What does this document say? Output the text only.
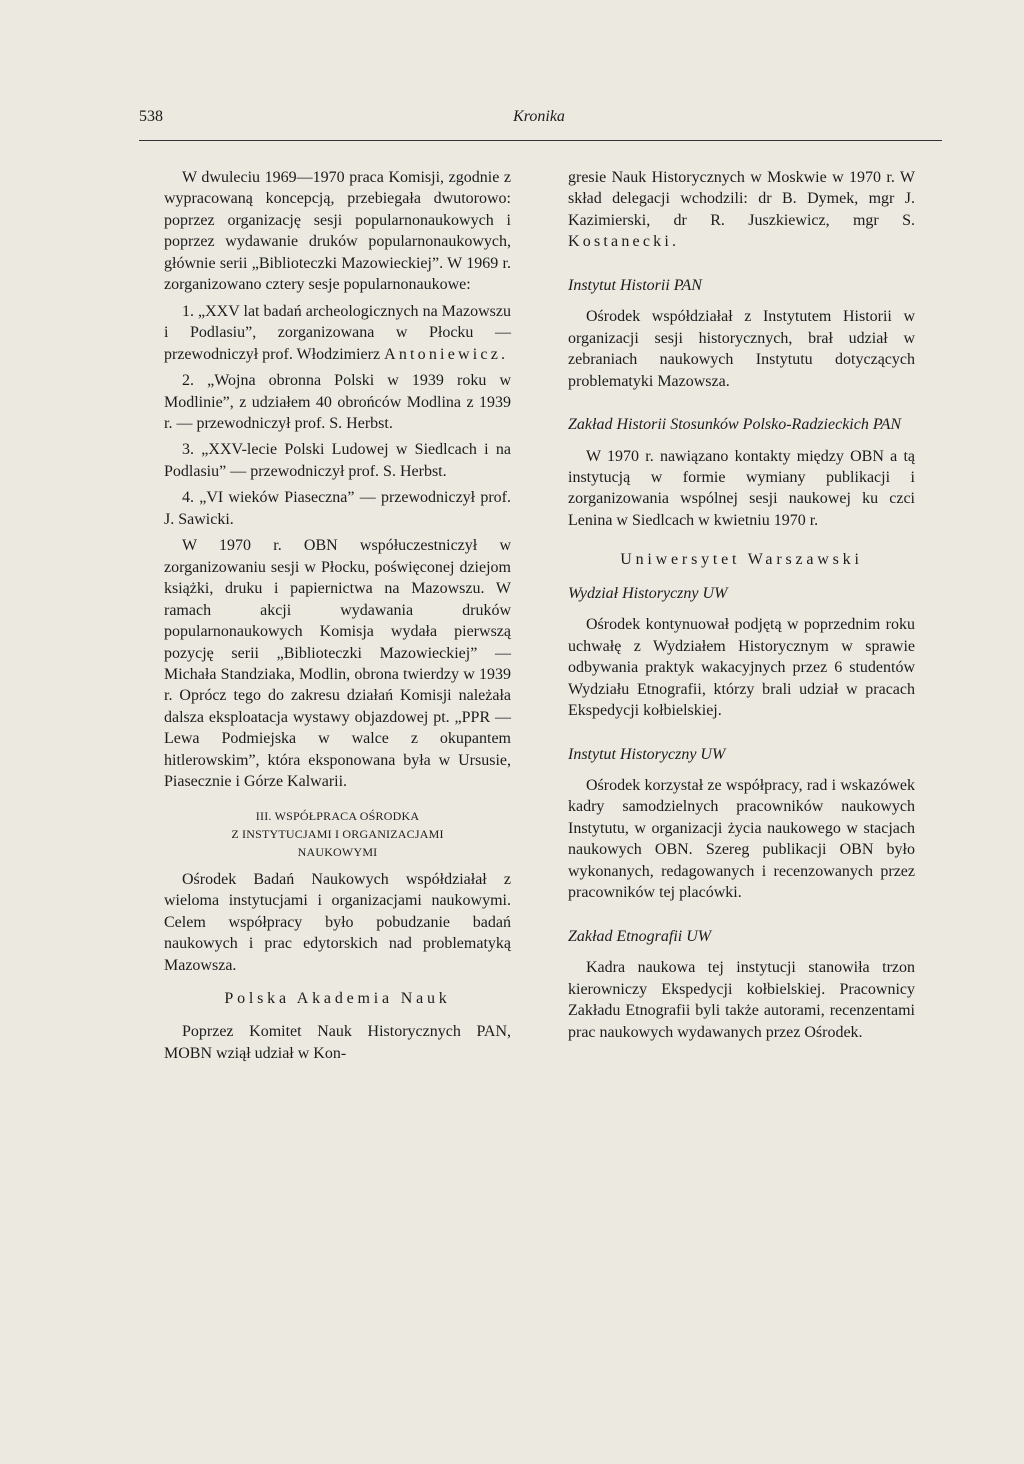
538	Kronika

W dwuleciu 1969—1970 praca Komisji, zgodnie z wypracowaną koncepcją, przebiegała dwutorowo: poprzez organizację sesji popularnonaukowych i poprzez wydawanie druków popularnonaukowych, głównie serii „Biblioteczki Mazowieckiej”. W 1969 r. zorganizowano cztery sesje popularnonaukowe:

1. „XXV lat badań archeologicznych na Mazowszu i Podlasiu”, zorganizowana w Płocku — przewodniczył prof. Włodzimierz Antoniewicz.

2. „Wojna obronna Polski w 1939 roku w Modlinie”, z udziałem 40 obrońców Modlina z 1939 r. — przewodniczył prof. S. Herbst.

3. „XXV-lecie Polski Ludowej w Siedlcach i na Podlasiu” — przewodniczył prof. S. Herbst.

4. „VI wieków Piaseczna” — przewodniczył prof. J. Sawicki.

W 1970 r. OBN współuczestniczył w zorganizowaniu sesji w Płocku, poświęconej dziejom książki, druku i papiernictwa na Mazowszu. W ramach akcji wydawania druków popularnonaukowych Komisja wydała pierwszą pozycję serii „Biblioteczki Mazowieckiej” — Michała Standziaka, Modlin, obrona twierdzy w 1939 r. Oprócz tego do zakresu działań Komisji należała dalsza eksploatacja wystawy objazdowej pt. „PPR — Lewa Podmiejska w walce z okupantem hitlerowskim”, która eksponowana była w Ursusie, Piasecznie i Górze Kalwarii.

III. WSPÓŁPRACA OŚRODKA
Z INSTYTUCJAMI I ORGANIZACJAMI
NAUKOWYMI

Ośrodek Badań Naukowych współdziałał z wieloma instytucjami i organizacjami naukowymi. Celem współpracy było pobudzanie badań naukowych i prac edytorskich nad problematyką Mazowsza.

Polska Akademia Nauk

Poprzez Komitet Nauk Historycznych PAN, MOBN wziął udział w Kon-

gresie Nauk Historycznych w Moskwie w 1970 r. W skład delegacji wchodzili: dr B. Dymek, mgr J. Kazimierski, dr R. Juszkiewicz, mgr S. Kostanecki.

Instytut Historii PAN

Ośrodek współdziałał z Instytutem Historii w organizacji sesji historycznych, brał udział w zebraniach naukowych Instytutu dotyczących problematyki Mazowsza.

Zakład Historii Stosunków Polsko-Radzieckich PAN

W 1970 r. nawiązano kontakty między OBN a tą instytucją w formie wymiany publikacji i zorganizowania wspólnej sesji naukowej ku czci Lenina w Siedlcach w kwietniu 1970 r.

Uniwersytet Warszawski
Wydział Historyczny UW

Ośrodek kontynuował podjętą w poprzednim roku uchwałę z Wydziałem Historycznym w sprawie odbywania praktyk wakacyjnych przez 6 studentów Wydziału Etnografii, którzy brali udział w pracach Ekspedycji kołbielskiej.

Instytut Historyczny UW

Ośrodek korzystał ze współpracy, rad i wskazówek kadry samodzielnych pracowników naukowych Instytutu, w organizacji życia naukowego w stacjach naukowych OBN. Szereg publikacji OBN było wykonanych, redagowanych i recenzowanych przez pracowników tej placówki.

Zakład Etnografii UW

Kadra naukowa tej instytucji stanowiła trzon kierowniczy Ekspedycji kołbielskiej. Pracownicy Zakładu Etnografii byli także autorami, recenzentami prac naukowych wydawanych przez Ośrodek.
